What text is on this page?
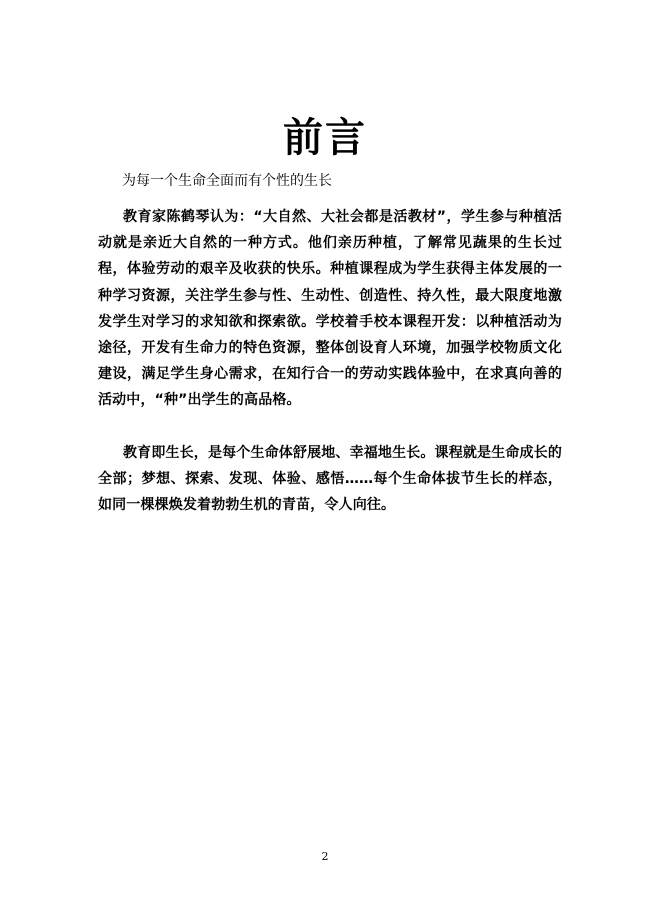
前言

为每一个生命全面而有个性的生长

教育家陈鹤琴认为：“大自然、大社会都是活教材”，学生参与种植活动就是亲近大自然的一种方式。他们亲历种植，了解常见蔬果的生长过程，体验劳动的艰辛及收获的快乐。种植课程成为学生获得主体发展的一种学习资源，关注学生参与性、生动性、创造性、持久性，最大限度地激发学生对学习的求知欲和探索欲。学校着手校本课程开发：以种植活动为途径，开发有生命力的特色资源，整体创设育人环境，加强学校物质文化建设，满足学生身心需求，在知行合一的劳动实践体验中，在求真向善的活动中，“种”出学生的高品格。

教育即生长，是每个生命体舒展地、幸福地生长。课程就是生命成长的全部；梦想、探索、发现、体验、感悟……每个生命体拔节生长的样态，如同一棵棵焕发着勃勃生机的青苗，令人向往。

2
